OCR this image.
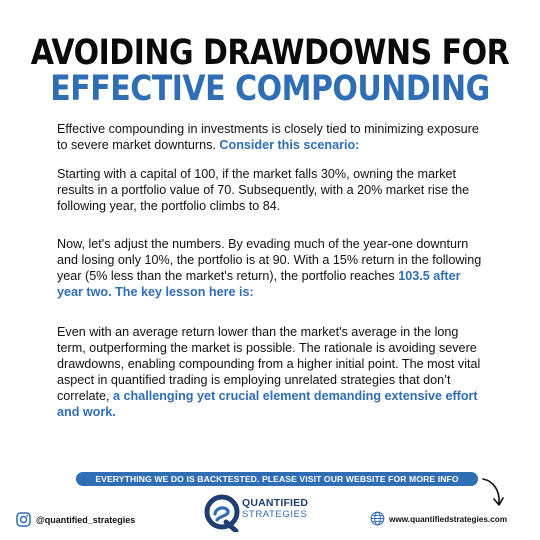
AVOIDING DRAWDOWNS FOR
EFFECTIVE COMPOUNDING

Effective compounding in investments is closely tied to minimizing exposure to severe market downturns. Consider this scenario:

Starting with a capital of 100, if the market falls 30%, owning the market results in a portfolio value of 70. Subsequently, with a 20% market rise the following year, the portfolio climbs to 84.

Now, let's adjust the numbers. By evading much of the year-one downturn and losing only 10%, the portfolio is at 90. With a 15% return in the following year (5% less than the market's return), the portfolio reaches 103.5 after year two. The key lesson here is:

Even with an average return lower than the market's average in the long term, outperforming the market is possible. The rationale is avoiding severe drawdowns, enabling compounding from a higher initial point. The most vital aspect in quantified trading is employing unrelated strategies that don’t correlate, a challenging yet crucial element demanding extensive effort and work.

EVERYTHING WE DO IS BACKTESTED. PLEASE VISIT OUR WEBSITE FOR MORE INFO
@quantified_strategies
QUANTIFIED
STRATEGIES	www.quantifiedstrategies.com
